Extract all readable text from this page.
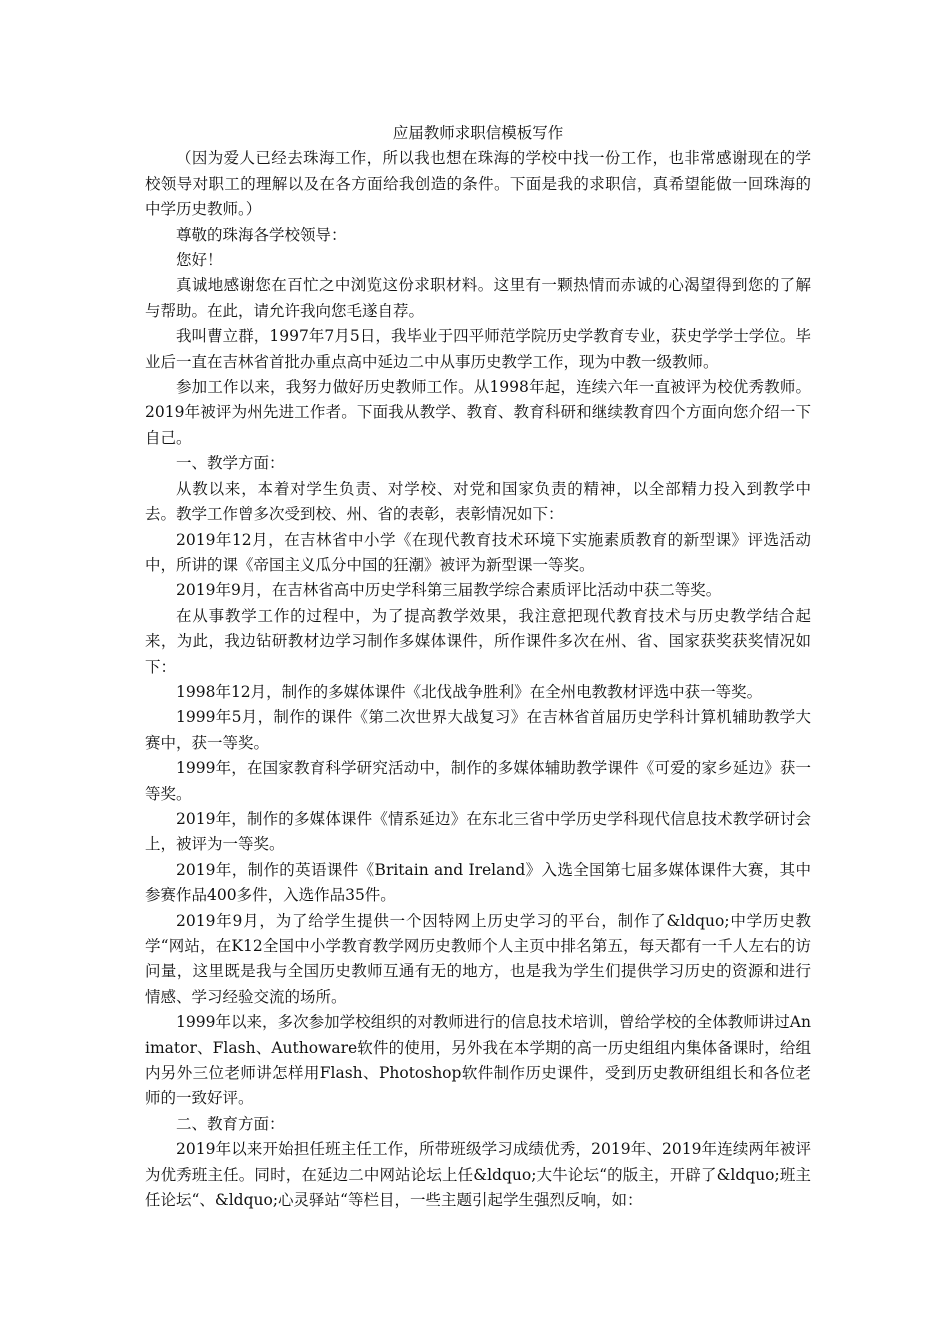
应届教师求职信模板写作

（因为爱人已经去珠海工作，所以我也想在珠海的学校中找一份工作，也非常感谢现在的学校领导对职工的理解以及在各方面给我创造的条件。下面是我的求职信，真希望能做一回珠海的中学历史教师。）

尊敬的珠海各学校领导：

您好！

真诚地感谢您在百忙之中浏览这份求职材料。这里有一颗热情而赤诚的心渴望得到您的了解与帮助。在此，请允许我向您毛遂自荐。

我叫曹立群，1997年7月5日，我毕业于四平师范学院历史学教育专业，获史学学士学位。毕业后一直在吉林省首批办重点高中延边二中从事历史教学工作，现为中教一级教师。

参加工作以来，我努力做好历史教师工作。从1998年起，连续六年一直被评为校优秀教师。2019年被评为州先进工作者。下面我从教学、教育、教育科研和继续教育四个方面向您介绍一下自己。

一、教学方面：

从教以来，本着对学生负责、对学校、对党和国家负责的精神，以全部精力投入到教学中去。教学工作曾多次受到校、州、省的表彰，表彰情况如下：

2019年12月，在吉林省中小学《在现代教育技术环境下实施素质教育的新型课》评选活动中，所讲的课《帝国主义瓜分中国的狂潮》被评为新型课一等奖。

2019年9月，在吉林省高中历史学科第三届教学综合素质评比活动中获二等奖。

在从事教学工作的过程中，为了提高教学效果，我注意把现代教育技术与历史教学结合起来，为此，我边钻研教材边学习制作多媒体课件，所作课件多次在州、省、国家获奖获奖情况如下：

1998年12月，制作的多媒体课件《北伐战争胜利》在全州电教教材评选中获一等奖。

1999年5月，制作的课件《第二次世界大战复习》在吉林省首届历史学科计算机辅助教学大赛中，获一等奖。

1999年，在国家教育科学研究活动中，制作的多媒体辅助教学课件《可爱的家乡延边》获一等奖。

2019年，制作的多媒体课件《情系延边》在东北三省中学历史学科现代信息技术教学研讨会上，被评为一等奖。

2019年，制作的英语课件《Britain and Ireland》入选全国第七届多媒体课件大赛，其中参赛作品400多件，入选作品35件。

2019年9月，为了给学生提供一个因特网上历史学习的平台，制作了&ldquo;中学历史教学“网站，在K12全国中小学教育教学网历史教师个人主页中排名第五，每天都有一千人左右的访问量，这里既是我与全国历史教师互通有无的地方，也是我为学生们提供学习历史的资源和进行情感、学习经验交流的场所。

1999年以来，多次参加学校组织的对教师进行的信息技术培训，曾给学校的全体教师讲过Animator、Flash、Authoware软件的使用，另外我在本学期的高一历史组组内集体备课时，给组内另外三位老师讲怎样用Flash、Photoshop软件制作历史课件，受到历史教研组组长和各位老师的一致好评。

二、教育方面：

2019年以来开始担任班主任工作，所带班级学习成绩优秀，2019年、2019年连续两年被评为优秀班主任。同时，在延边二中网站论坛上任&ldquo;大牛论坛“的版主，开辟了&ldquo;班主任论坛“、&ldquo;心灵驿站“等栏目，一些主题引起学生强烈反响，如：
